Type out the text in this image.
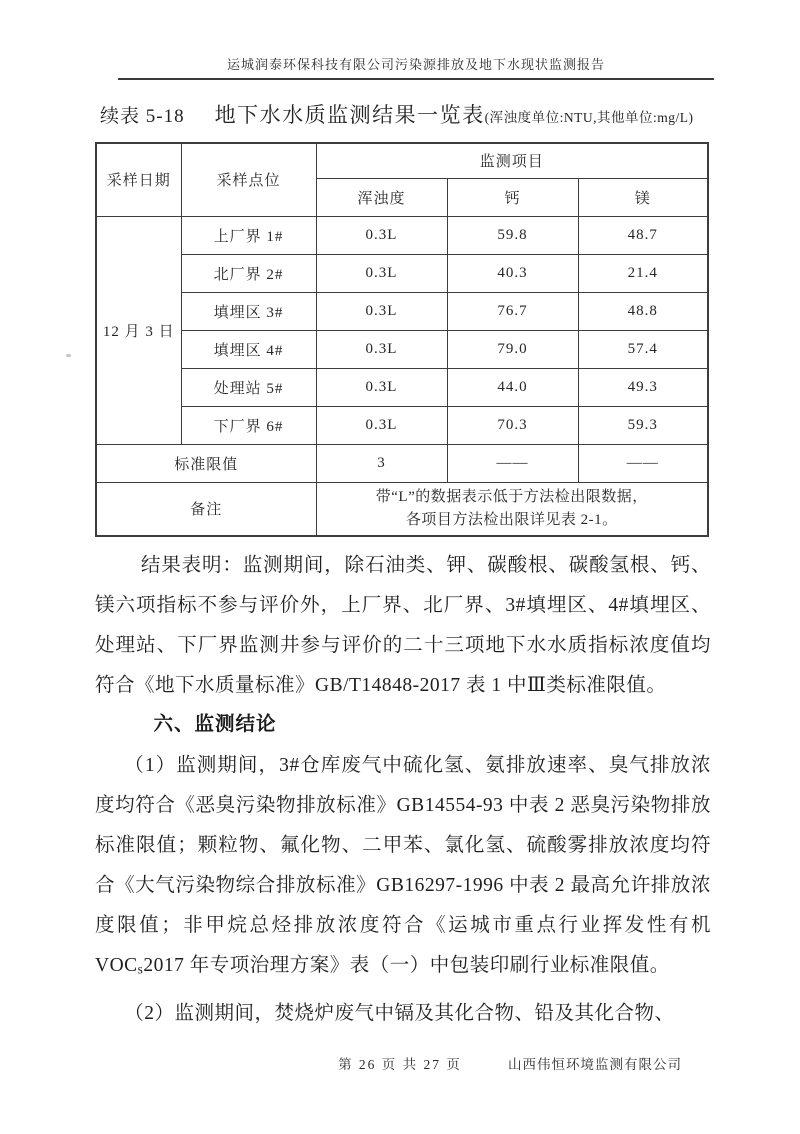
运城润泰环保科技有限公司污染源排放及地下水现状监测报告
续表 5-18 地下水水质监测结果一览表(浑浊度单位:NTU,其他单位:mg/L)
采样日期	采样点位	监测项目		
		浑浊度	钙	镁
12 月 3 日	上厂界 1#	0.3L	59.8	48.7
	北厂界 2#	0.3L	40.3	21.4
	填埋区 3#	0.3L	76.7	48.8
	填埋区 4#	0.3L	79.0	57.4
	处理站 5#	0.3L	44.0	49.3
	下厂界 6#	0.3L	70.3	59.3
标准限值		3	——	——
备注		带“L”的数据表示低于方法检出限数据，
各项目方法检出限详见表 2-1。		

结果表明：监测期间，除石油类、钾、碳酸根、碳酸氢根、钙、镁六项指标不参与评价外，上厂界、北厂界、3#填埋区、4#填埋区、处理站、下厂界监测井参与评价的二十三项地下水水质指标浓度值均符合《地下水质量标准》GB/T14848-2017 表 1 中Ⅲ类标准限值。

六、监测结论

（1）监测期间，3#仓库废气中硫化氢、氨排放速率、臭气排放浓度均符合《恶臭污染物排放标准》GB14554-93 中表 2 恶臭污染物排放标准限值；颗粒物、氟化物、二甲苯、氯化氢、硫酸雾排放浓度均符合《大气污染物综合排放标准》GB16297-1996 中表 2 最高允许排放浓度限值；非甲烷总烃排放浓度符合《运城市重点行业挥发性有机 $VOC_s2017$ 年专项治理方案》表（一）中包装印刷行业标准限值。

（2）监测期间，焚烧炉废气中镉及其化合物、铅及其化合物、

第 26 页 共 27 页	山西伟恒环境监测有限公司
